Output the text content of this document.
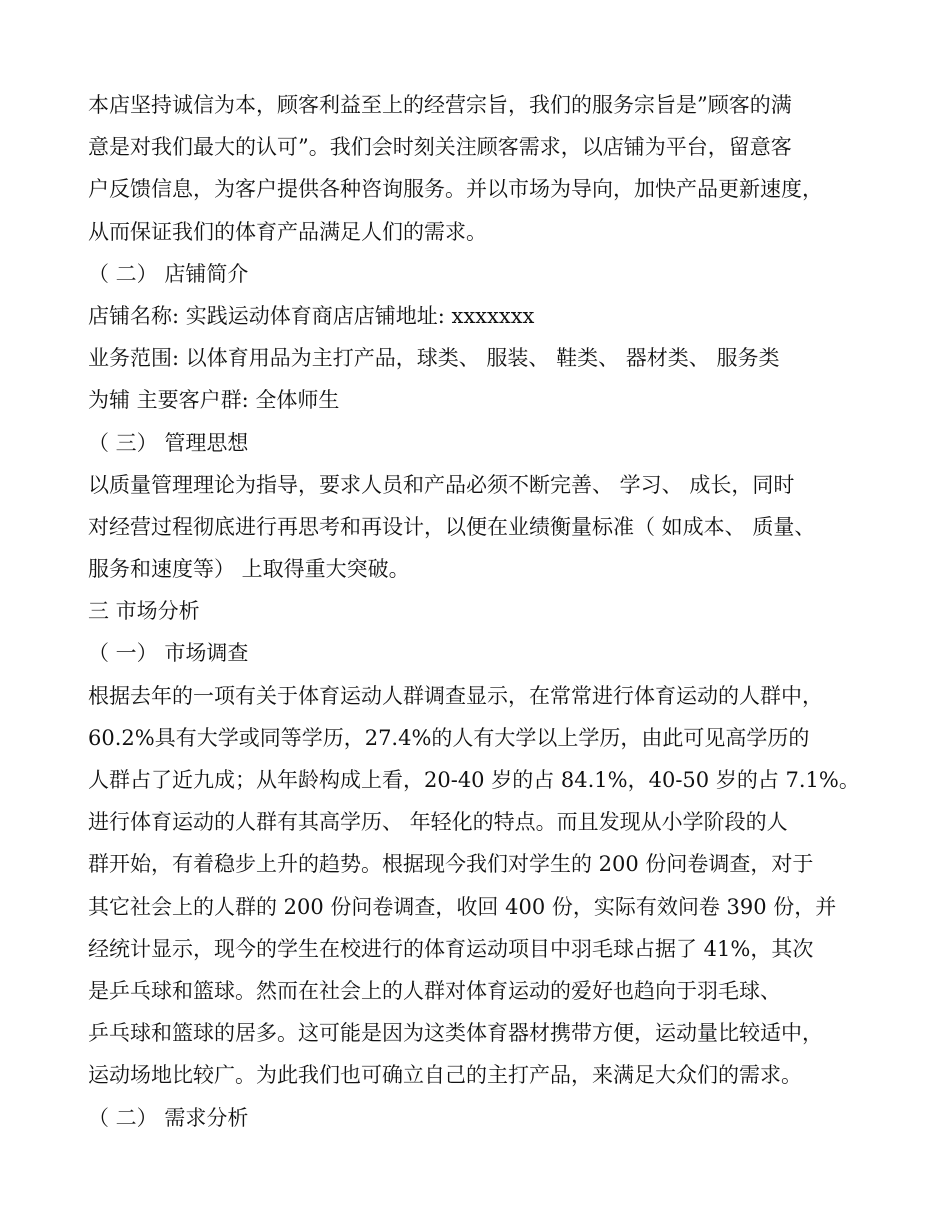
本店坚持诚信为本，顾客利益至上的经营宗旨，我们的服务宗旨是”顾客的满
意是对我们最大的认可”。我们会时刻关注顾客需求，以店铺为平台，留意客
户反馈信息，为客户提供各种咨询服务。并以市场为导向，加快产品更新速度，
从而保证我们的体育产品满足人们的需求。
（ 二） 店铺简介
店铺名称: 实践运动体育商店店铺地址: xxxxxxx
业务范围: 以体育用品为主打产品，球类、 服装、 鞋类、 器材类、 服务类
为辅 主要客户群: 全体师生
（ 三） 管理思想
以质量管理理论为指导，要求人员和产品必须不断完善、 学习、 成长，同时
对经营过程彻底进行再思考和再设计，以便在业绩衡量标准（ 如成本、 质量、
服务和速度等） 上取得重大突破。
三 市场分析
（ 一） 市场调查
根据去年的一项有关于体育运动人群调查显示，在常常进行体育运动的人群中，
60.2%具有大学或同等学历，27.4%的人有大学以上学历，由此可见高学历的
人群占了近九成；从年龄构成上看，20-40 岁的占 84.1%，40-50 岁的占 7.1%。
进行体育运动的人群有其高学历、 年轻化的特点。而且发现从小学阶段的人
群开始，有着稳步上升的趋势。根据现今我们对学生的 200 份问卷调查，对于
其它社会上的人群的 200 份问卷调查，收回 400 份，实际有效问卷 390 份，并
经统计显示，现今的学生在校进行的体育运动项目中羽毛球占据了 41%，其次
是乒乓球和篮球。然而在社会上的人群对体育运动的爱好也趋向于羽毛球、
乒乓球和篮球的居多。这可能是因为这类体育器材携带方便，运动量比较适中，
运动场地比较广。为此我们也可确立自己的主打产品，来满足大众们的需求。
（ 二） 需求分析
